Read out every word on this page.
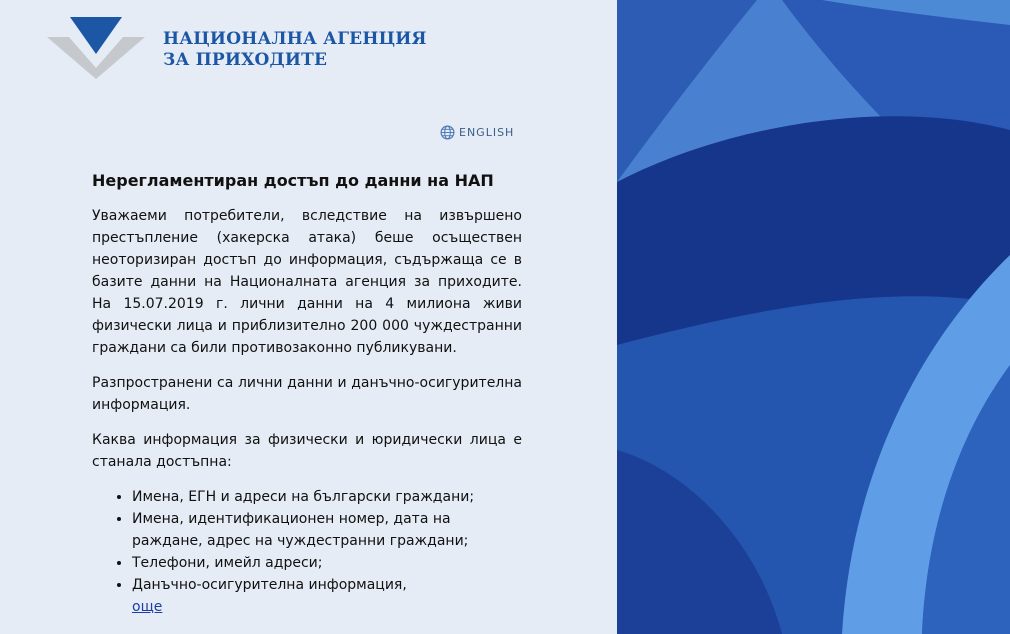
НАЦИОНАЛНА АГЕНЦИЯ
ЗА ПРИХОДИТЕ
ENGLISH
Нерегламентиран достъп до данни на НАП

Уважаеми потребители, вследствие на извършено престъпление (хакерска атака) беше осъществен неоторизиран достъп до информация, съдържаща се в базите данни на Националната агенция за приходите. На 15.07.2019 г. лични данни на 4 милиона живи физически лица и приблизително 200 000 чуждестранни граждани са били противозаконно публикувани.

Разпространени са лични данни и данъчно-осигурителна информация.

Каква информация за физически и юридически лица е станала достъпна:

• Имена, ЕГН и адреси на български граждани;
• Имена, идентификационен номер, дата на раждане, адрес на чуждестранни граждани;
• Телефони, имейл адреси;
• Данъчно-осигурителна информация,
още
